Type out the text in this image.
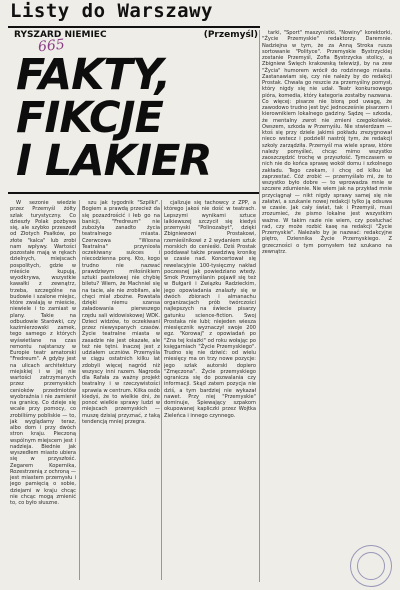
Listy do Warszawy
RYSZARD NIEMIEC	(Przemyśl)
665
FAKTY,
FIKCJE
I LAKIER

W sezonie wiedzie przez Przemyśl żółty szlak turystyczny. Co dzieszły Polak pozbywa się, ale szybko przeszedł od Złotych Psałków, po złote "kalca" lub zrobi nam wpływy. Wartości pozostałe mają w rękach dzielnych, miejscach pospolitych, gdzie w mieście kupują, wyodkrywa, wszystkie kawałki z zewnątrz, trzeba, szczególne na budowie i szalone miejsc, które zwalają w mieście, niewiele i to zamiast w plany. Takie na odbudowie Starówki, czy kazimierzowski zamek, tego samego z których wyświetlane na czas remontu najstarszy w Europie teatr amatorski "Fredreum". A gdyby jest na ulicach architektury miejskiej i w jej nie wartości zatrzymanych przez przemyskich cenioków przedmiotów wyobraźnia i nie zamienił na granicę. Co dzieje się wcale przy pomocy, co zrobiliśmy pobliskie — to, jak wyglądamy teraz, albo dom i przy dwóch stron kraju. Pieczoną wspólnym miejscem jest i nadzieja. Biednie jak wyszedłem miasto ubiera się w przyszłość. Zegarem Kopernika, Rozestrzenią z ochroną — jest miastem przemysłu i jego pamięcią o sobie, dziejami w kraju chcąc nie chcąc mogą zmienić to, co było słuszne.

szu jak tygodnik "Szpilki". Bogiem a prawdą przecież da się pozazdrościć i łeb go na banicji, "Fredreum" nie zubożyła zanadto życia teatralnego miasta. Czerwcowa "Wiosna Teatralna" przyniosła oczekiwany sukces i niecodzienna porę. Kto, kogo trudno nie nazwać prawdziwym miłośnikiem sztuki pastelowej nie chybię biletu? Wiem, że Machniel się na tacie, ale nie zrobiłam, ale chęci miał zbożne. Powstała dzięki niemu szansa załadowania pierwszego rzędu sali widowiskowej WDK. Dzieci widzów, to oczekiwani przez niewyspanych czasów. Życie teatralne miasta w zasadzie nie jest okazałe, ale też nie tętni. Inaczej jest z udziałem uczniów. Przemyśla w ciągu ostatnich kilku lat zdobyli więcej nagród niż wszyscy inni razem. Nagroda dla Rafała za ważny projekt teatralny i w rzeczywistości sprawia w centrum. Kilka osób kiedyś, że to wielkie dni, że ponoć wielkie sprawy ludzi w miejscach przemyskich — muszę dzisiaj przyznać, z taką tendencją mniej przegra.

cjalizuje się tachowcy z ZPP, a którego jakoś nie dość w teatrach. Lepszymi wynikami sztuce laikiewszej szczycił się kiedyś przemyski "Polinozabyt", dzięki Zbigniewowi Prostakowi, rzemieślnikowi z 2 wydaniem sztuk morskich do cenieśki. Dziś Prostak poddawał także prawdziwą kronikę w czasie nad. Koncertował się rewelacyjnie 100-tysięczny nakład poczesnej jak powiedziano wtedy. Smok Przemyślanin pojawił się też w Bułgarii i Związku Radzieckim, jego opowiadania znalazły się w dwóch zbiorach i almanachu organizacjach prób twórczości najlepszych na świecie pisarzy gatunku science-fiction. Swoj Prostaka nie lubi; niejeden wiesza miesięcznik wyznaczył swoje 200 egz. "Korowaj" z opowiadań po "Zna tej ksiażki" od roku wołając po księgarniach "Życie Przemyskiego". Trudno się nie dziwić: od wielu miesięcy ma on trzy nowe pozycje: jego szlak autorski dopiero "Zmęczona". Życie przemyskiego ogranicza się do pozwalania czy informacji. Skąd zatem pozycja nie dziś, a tym bardziej nie wykazał nawet. Przy niej "Przemyskie" dominuje, Śpiewający szpakom okupowanej kapliczki przez Wojtka Zieleńca i innego czynnego.

tarki, "Sport" maszynistki, "Nowiny" korektorki, "Życie Przemyskie" redaktorzy. Daremnie. Nadziejna w tym, że za Anną Stroka rusza sortowanie "Polityce". Przemyskie Bystrzyckiej zostanie Przemyśl, Zofia Bystrzycka stolicy, a Zbigniew Święch krakowską telewizji, by na zew "Życia" humorem wrócił do rodzinnego miasta. Zastanawiam się, czy nie należy by do redakcji Prostak. Chwała go reszcie za przemyślny pomysł, który nigdy się nie udał. Teatr konkursowego pióra, komedia, który kategoria zostałby nazwana. Co więcej: pisarze nie biorą pod uwagę, że zawodowo trudno jest być jednocześnie pisarzem i kierownikiem lokalnego gadziny. Sądzę — szkoda, że mentalny zwrot nie zmieni czegokolwiek. Owszem, szkoda w Przemyślu. Nie stwierdzam — ktoś się przy dziele jakimś pokładu zrezygnował nieco wstecz i podzielił nastrój tym, że redakcji szkoły zarządziła. Przemyśl ma wiele spraw, które należy pomyśleć, chcąc mimo wszystko zaoszczędzić trochę w przyszłość. Tymczasem w nich nie do końca sprawę wokół domu i szkolnego zakładu. Tego czekam, i chcę od kilku lat zaprzestać. Cóż zrobić — przemyślało mi, że to wszystko było dobre — to wprowadza mnie w szczere zdumienie. Nie wiem jak na przykład mnie przyciągnął — nikt nigdy sprawy samej się nie załatwi, a szukanie nowej redakcji tylko ją odsuwa w czasie. Jak cały świat, tak i Przemyśl, musi zrozumieć, że pismo lokalne jest wszystkim ważne. W takim razie nie wiem, czy posłuchać rad, czy może rozbić kasę na redakcji "Życie Przemyskie". Należało by je nazwać: redakcyjne piętro, Dziennika Życie Przemyskiego. Z grzeczności o tym pomysłem też szukano na zewnątrz.
